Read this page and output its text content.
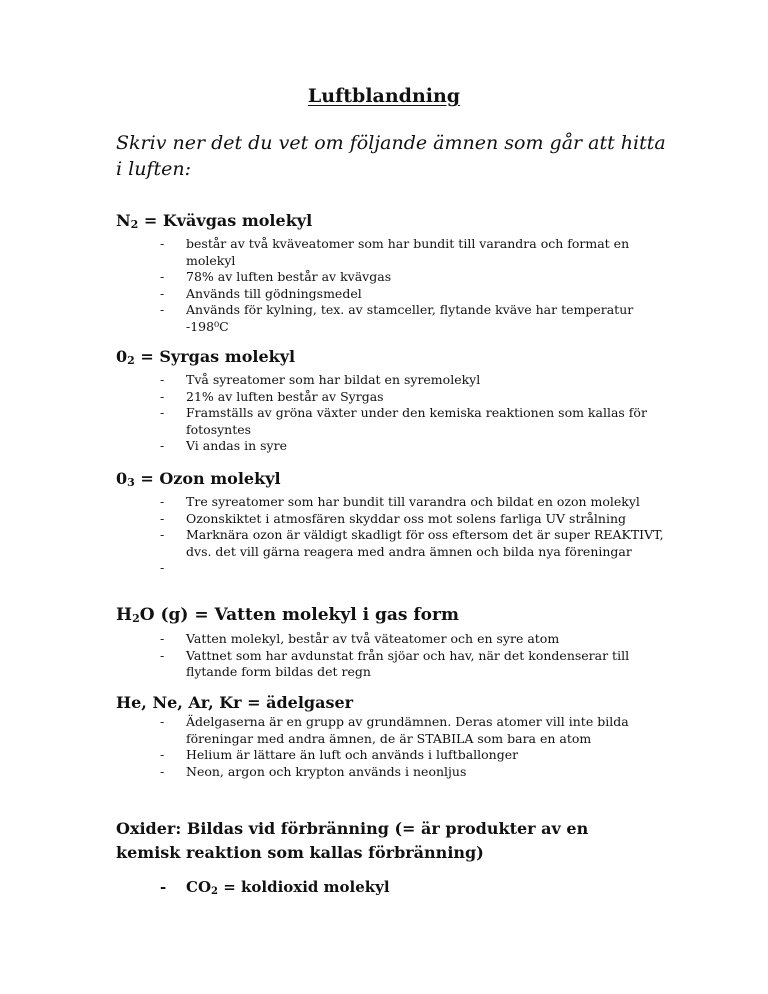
Luftblandning
Skriv ner det du vet om följande ämnen som går att hitta i luften:
$N_2$ = Kvävgas molekyl
- består av två kväveatomer som har bundit till varandra och format en molekyl
- 78% av luften består av kvävgas
- Används till gödningsmedel
- Används för kylning, tex. av stamceller, flytande kväve har temperatur -198⁰C
$0_2$ = Syrgas molekyl
- Två syreatomer som har bildat en syremolekyl
- 21% av luften består av Syrgas
- Framställs av gröna växter under den kemiska reaktionen som kallas för fotosyntes
- Vi andas in syre
$0_3$ = Ozon molekyl
- Tre syreatomer som har bundit till varandra och bildat en ozon molekyl
- Ozonskiktet i atmosfären skyddar oss mot solens farliga UV strålning
- Marknära ozon är väldigt skadligt för oss eftersom det är super REAKTIVT, dvs. det vill gärna reagera med andra ämnen och bilda nya föreningar
-
$H_2O$ (g) = Vatten molekyl i gas form
- Vatten molekyl, består av två väteatomer och en syre atom
- Vattnet som har avdunstat från sjöar och hav, när det kondenserar till flytande form bildas det regn
He, Ne, Ar, Kr = ädelgaser
- Ädelgaserna är en grupp av grundämnen. Deras atomer vill inte bilda föreningar med andra ämnen, de är STABILA som bara en atom
- Helium är lättare än luft och används i luftballonger
- Neon, argon och krypton används i neonljus
Oxider: Bildas vid förbränning (= är produkter av en kemisk reaktion som kallas förbränning)
- $CO_2$ = koldioxid molekyl
